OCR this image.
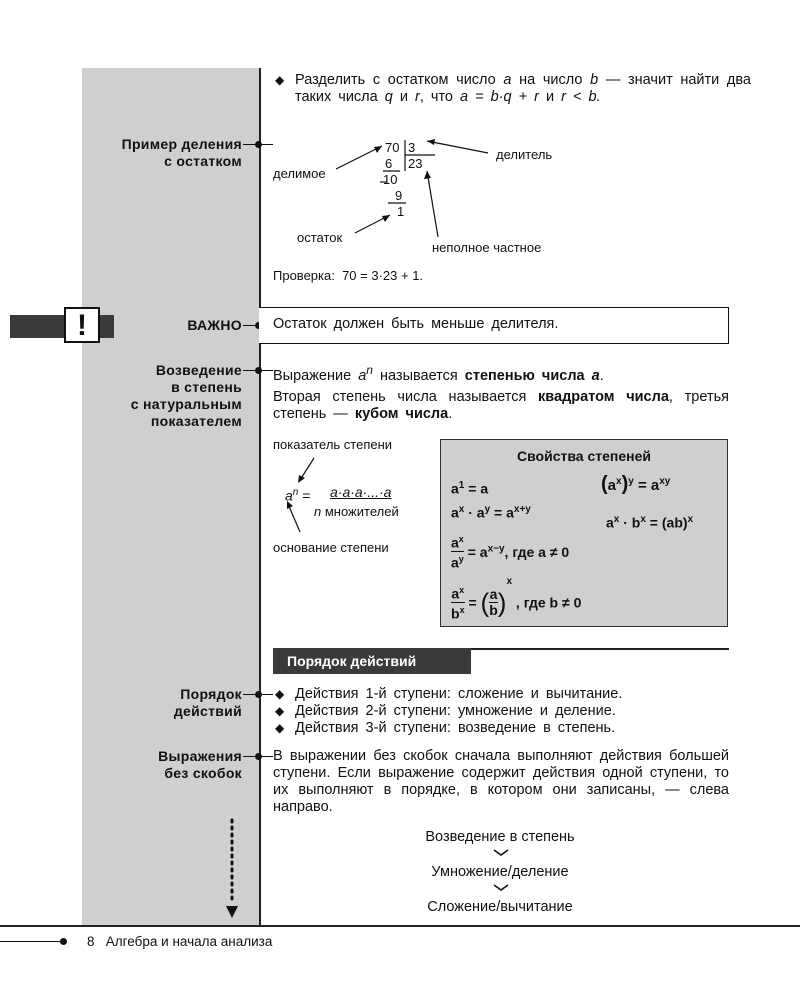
Пример деления
с остатком
ВАЖНО
Возведение
в степень
с натуральным
показателем
Порядок
действий
Выражения
без скобок
◆ Разделить с остатком число a на число b — значит найти два таких числа q и r, что a = b·q + r и r < b.
70 3
6 23
10
9
1
делимое
делитель
остаток
неполное частное
Проверка: 70 = 3·23 + 1.
!	Остаток должен быть меньше делителя.
Выражение $a^n$ называется степенью числа a.
Вторая степень числа называется квадратом числа, третья степень — кубом числа.
показатель степени
основание степени
$a^n = a\cdot a\cdot a\cdot...\cdot a$
n множителей
Свойства степеней
$a^1 = a$
$a^x \cdot a^y = a^{x+y}$
$(a^x)^y = a^{xy}$
$a^x \cdot b^x = (ab)^x$
$a^x$

$a^y = a^{x-y}$, где a ≠ 0
$a^x$

$b^x = (a$

b )$^x$ , где b ≠ 0
Порядок действий
◆ Действия 1-й ступени: сложение и вычитание.
◆ Действия 2-й ступени: умножение и деление.
◆ Действия 3-й ступени: возведение в степень.
В выражении без скобок сначала выполняют действия большей ступени. Если выражение содержит действия одной ступени, то их выполняют в порядке, в котором они записаны, — слева направо.
Возведение в степень
Умножение/деление
Сложение/вычитание
8 Алгебра и начала анализа
